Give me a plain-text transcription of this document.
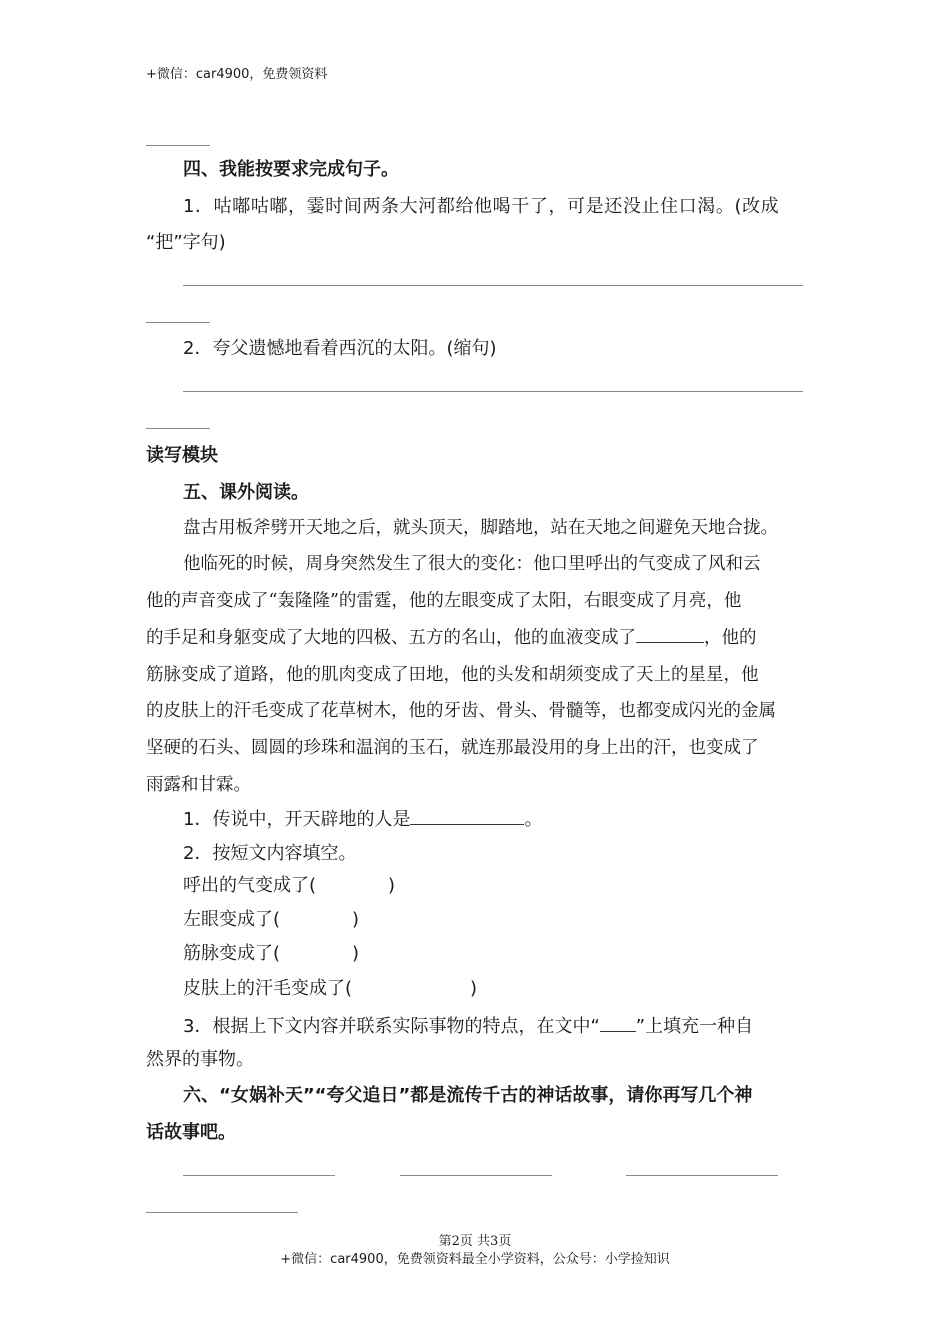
+微信：car4900，免费领资料
四、我能按要求完成句子。
1．咕嘟咕嘟，霎时间两条大河都给他喝干了，可是还没止住口渴。(改成
“把”字句)
2．夸父遗憾地看着西沉的太阳。(缩句)
读写模块
五、课外阅读。
盘古用板斧劈开天地之后，就头顶天，脚踏地，站在天地之间避免天地合拢。
他临死的时候，周身突然发生了很大的变化：他口里呼出的气变成了风和云
他的声音变成了“轰隆隆”的雷霆，他的左眼变成了太阳，右眼变成了月亮，他
的手足和身躯变成了大地的四极、五方的名山，他的血液变成了	，他的
筋脉变成了道路，他的肌肉变成了田地，他的头发和胡须变成了天上的星星，他
的皮肤上的汗毛变成了花草树木，他的牙齿、骨头、骨髓等，也都变成闪光的金属
坚硬的石头、圆圆的珍珠和温润的玉石，就连那最没用的身上出的汗，也变成了
雨露和甘霖。
1．传说中，开天辟地的人是	。
2．按短文内容填空。
呼出的气变成了(	)
左眼变成了(	)
筋脉变成了(	)
皮肤上的汗毛变成了(	)
3．根据上下文内容并联系实际事物的特点，在文中“ ”上填充一种自
然界的事物。
六、“女娲补天”“夸父追日”都是流传千古的神话故事，请你再写几个神
话故事吧。
第2页 共3页
+微信：car4900，免费领资料最全小学资料，公众号：小学捡知识
